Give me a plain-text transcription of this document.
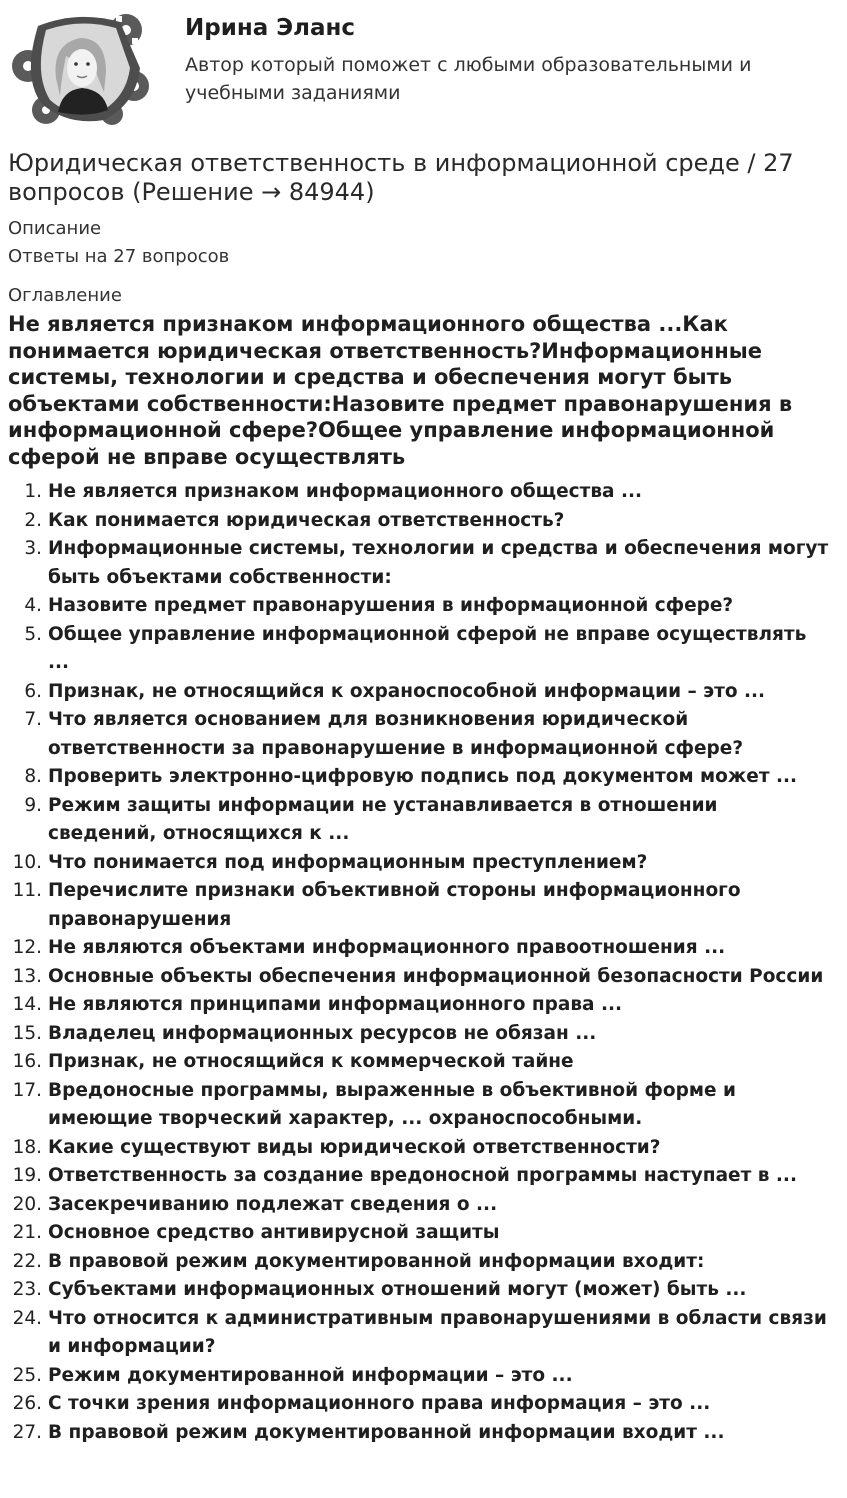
Ирина Эланс
Автор который поможет с любыми образовательными и учебными заданиями
Юридическая ответственность в информационной среде / 27 вопросов (Решение → 84944)
Описание
Ответы на 27 вопросов
Оглавление
Не является признаком информационного общества ...Как понимается юридическая ответственность?Информационные системы, технологии и средства и обеспечения могут быть объектами собственности:Назовите предмет правонарушения в информационной сфере?Общее управление информационной сферой не вправе осуществлять
1. Не является признаком информационного общества ...
2. Как понимается юридическая ответственность?
3. Информационные системы, технологии и средства и обеспечения могут быть объектами собственности:
4. Назовите предмет правонарушения в информационной сфере?
5. Общее управление информационной сферой не вправе осуществлять ...
6. Признак, не относящийся к охраноспособной информации – это ...
7. Что является основанием для возникновения юридической ответственности за правонарушение в информационной сфере?
8. Проверить электронно-цифровую подпись под документом может ...
9. Режим защиты информации не устанавливается в отношении сведений, относящихся к ...
10. Что понимается под информационным преступлением?
11. Перечислите признаки объективной стороны информационного правонарушения
12. Не являются объектами информационного правоотношения ...
13. Основные объекты обеспечения информационной безопасности России
14. Не являются принципами информационного права ...
15. Владелец информационных ресурсов не обязан ...
16. Признак, не относящийся к коммерческой тайне
17. Вредоносные программы, выраженные в объективной форме и имеющие творческий характер, ... охраноспособными.
18. Какие существуют виды юридической ответственности?
19. Ответственность за создание вредоносной программы наступает в ...
20. Засекречиванию подлежат сведения о ...
21. Основное средство антивирусной защиты
22. В правовой режим документированной информации входит:
23. Субъектами информационных отношений могут (может) быть ...
24. Что относится к административным правонарушениями в области связи и информации?
25. Режим документированной информации – это ...
26. С точки зрения информационного права информация – это ...
27. В правовой режим документированной информации входит ...
